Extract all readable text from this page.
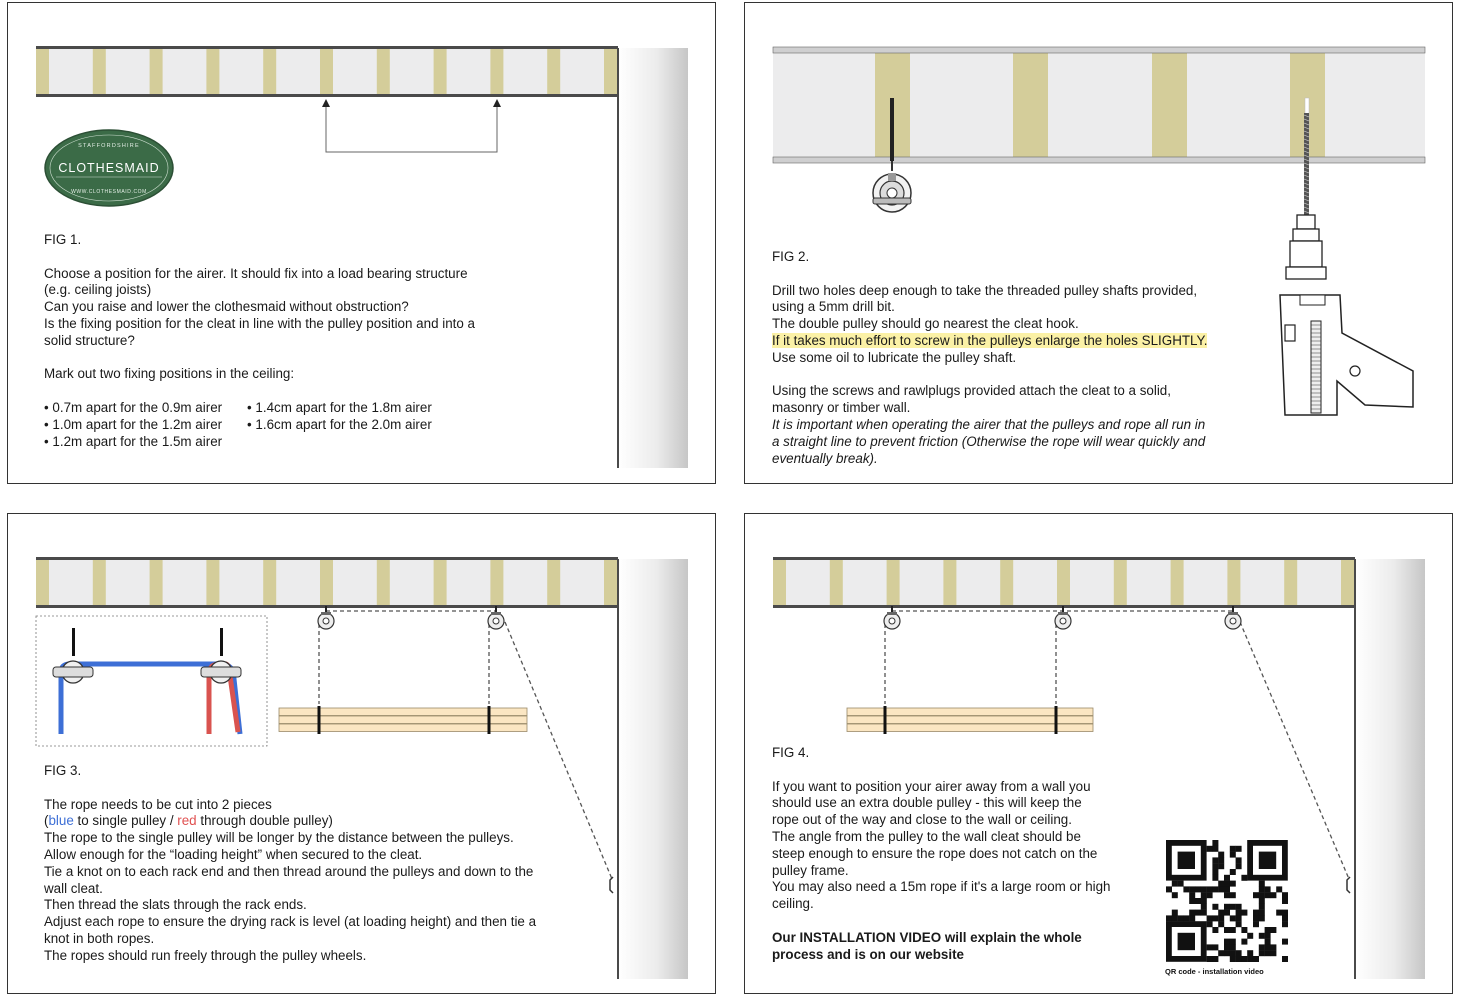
CLOTHESMAID
STAFFORDSHIRE
WWW.CLOTHESMAID.COM

FIG 1.

Choose a position for the airer. It should fix into a load bearing structure

(e.g. ceiling joists)

Can you raise and lower the clothesmaid without obstruction?

Is the fixing position for the cleat in line with the pulley position and into a

solid structure?

Mark out two fixing positions in the ceiling:

• 0.7m apart for the 0.9m airer

• 1.0m apart for the 1.2m airer

• 1.2m apart for the 1.5m airer

• 1.4cm apart for the 1.8m airer

• 1.6cm apart for the 2.0m airer

FIG 2.

Drill two holes deep enough to take the threaded pulley shafts provided,

using a 5mm drill bit.

The double pulley should go nearest the cleat hook.

If it takes much effort to screw in the pulleys enlarge the holes SLIGHTLY.

Use some oil to lubricate the pulley shaft.

Using the screws and rawlplugs provided attach the cleat to a solid,

masonry or timber wall.

It is important when operating the airer that the pulleys and rope all run in

a straight line to prevent friction (Otherwise the rope will wear quickly and

eventually break).

FIG 3.

The rope needs to be cut into 2 pieces

(blue to single pulley / red through double pulley)

The rope to the single pulley will be longer by the distance between the pulleys.

Allow enough for the “loading height” when secured to the cleat.

Tie a knot on to each rack end and then thread around the pulleys and down to the

wall cleat.

Then thread the slats through the rack ends.

Adjust each rope to ensure the drying rack is level (at loading height) and then tie a

knot in both ropes.

The ropes should run freely through the pulley wheels.

FIG 4.

If you want to position your airer away from a wall you

should use an extra double pulley - this will keep the

rope out of the way and close to the wall or ceiling.

The angle from the pulley to the wall cleat should be

steep enough to ensure the rope does not catch on the

pulley frame.

You may also need a 15m rope if it's a large room or high

ceiling.

Our INSTALLATION VIDEO will explain the whole

process and is on our website

QR code - installation video
